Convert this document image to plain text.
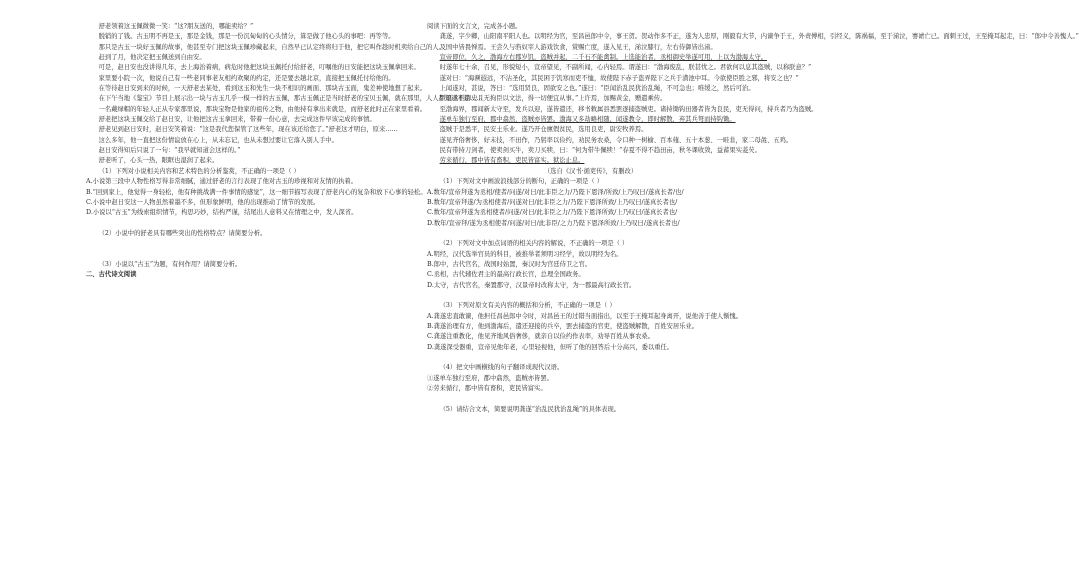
舒老领着这玉佩微微一笑：“这?朋友送的，哪能卖给？”

脱销的了钱。古玉明不再是玉，那是金钱，那是一份沉甸甸的心头情分，算是做了他心头的事吧：再等等。

那只是古玉一块好玉佩的故事，他甚至专门把这块玉佩珍藏起来，自然早已认定终将归于他，把它叫作趁时机卖给自己的人。

赶到了月，他决定把玉佩送到自由安。

可是，赵日安也没讲得几年，去上海治着病，病危时他把这块玉佩托付给舒老，叮嘱他的日安能把这块玉佩拿回来。

家里要小院一次，他说自己有一些老同事老友相约欢聚的约定，还是要去趟北京，直接把玉佩托付给他的。

在等待赵日安到来的时候，一天舒老去某处，看到这玉和先生一块不相识的画面、那块古玉面，鬼差神使地想了起来。

在下午当地《鉴宝》节目上展示出一块与古玉几乎一模一样的古玉佩，那古玉佩正是当时舒老的宝贝玉佩，就在那里，人人都知道不是……

一名戴绿帽的年轻人正从专家那里说，那块宝物是他家的祖传之物，由他持有拿出来就是，而舒老此时正在家里看着。

舒老把这块玉佩交给了赵日安，让他把这古玉拿回来，带着一份心意，去完成这件早该完成的事情。

舒老见到赵日安时，赵日安笑着说：“这是我代您保管了这些年，现在该还给您了。”舒老这才明白，原来……

这么多年，他一直把这份情谊放在心上，从未忘记，也从未想过要让它落入别人手中。

赵日安得知后只说了一句：“我早就知道会这样的。”

舒老听了，心头一热，眼眶也湿润了起来。

（1）下列对小说相关内容和艺术特色的分析鉴赏，不正确的一项是（ ）

A.小说第三段中人物性格写得非常细腻，通过舒老的言行表现了他对古玉的珍视和对友情的执着。

B.“回到家上，他觉得一身轻松，他有种挑战满一件事情的感觉”，这一细节描写表现了舒老内心的复杂和放下心事的轻松。

C.小说中赵日安这一人物虽然着墨不多，但形象鲜明，他的出现推动了情节的发展。

D.小说以“古玉”为线索组织情节，构思巧妙，结构严谨，结尾出人意料又在情理之中，发人深省。

（2）小说中的舒老具有哪些突出的性格特点？请简要分析。

（3）小说以“古玉”为题，有何作用？请简要分析。

二、古代诗文阅读

阅读下面的文言文，完成各小题。

龚遂，字少卿，山阳南平阳人也。以明经为官，至昌邑郎中令，事王贺。贺动作多不正，遂为人忠厚，刚毅有大节，内谏争于王，外责傅相，引经义，陈祸福，至于涕泣，謇谑亡已。面刺王过，王至掩耳起走，曰：“郎中令善愧人。”

及国中皆畏惮焉。王尝久与驺奴宰人游戏饮食，赏赐亡度，遂入见王，涕泣膝行，左右侍御皆出涕。

宣帝即位，久之，渤海左右郡岁饥，盗贼并起，二千石不能禽制。上选能治者，丞相御史举遂可用，上以为渤海太守。

时遂年七十余，召见，形貌短小，宣帝望见，不副所闻，心内轻焉。谓遂曰：“渤海废乱，朕甚忧之。君欲何以息其盗贼，以称朕意？”

遂对曰：“海濒遐远，不沾圣化，其民困于饥寒而吏不恤，故使陛下赤子盗弄陛下之兵于潢池中耳。今欲使臣胜之邪，将安之也？”

上闻遂对，甚说，答曰：“选用贤良，固欲安之也。”遂曰：“臣闻治乱民犹治乱绳，不可急也；唯缓之，然后可治。

臣愿丞相御史且无拘臣以文法，得一切便宜从事。”上许焉，加赐黄金，赠遣乘传。

至渤海界，郡闻新太守至，发兵以迎，遂皆遣还，移书敕属县悉罢逐捕盗贼吏。诸持锄钩田器者皆为良民，吏无得问，持兵者乃为盗贼。

遂单车独行至府，郡中翕然，盗贼亦皆罢。渤海又多劫略相随，闻遂教令，即时解散，弃其兵弩而持钩锄。

盗贼于是悉平，民安土乐业。遂乃开仓廪假贫民，选用良吏，尉安牧养焉。

遂见齐俗奢侈，好末技，不田作，乃躬率以俭约，劝民务农桑，令口种一树榆、百本薤、五十本葱、一畦韭，家二母彘、五鸡。

民有带持刀剑者，使卖剑买牛，卖刀买犊，曰：“何为带牛佩犊！”春夏不得不趋田亩，秋冬课收敛，益蓄果实菱芡。

劳来循行，郡中皆有畜积，吏民皆富实。狱讼止息。

（选自《汉书·循吏传》，有删改）

（1）下列对文中画波浪线部分的断句，正确的一项是（ ）

A.数年/宣帝拜遂为丞相/使者/问遂/对曰/此非臣之力/乃陛下恩泽/所致/上乃叹曰/遂真长者/也/

B.数年/宣帝拜遂/为丞相使者/问遂对曰/此非臣之力/乃陛下恩泽所致/上乃叹曰/遂真长者也/

C.数年/宣帝拜遂为丞相使者/问遂/对曰/此非臣之力/乃陛下恩泽所致/上乃叹曰/遂真长者也/

D.数年/宣帝拜/遂为丞相使者/问遂/对曰/此非臣/之力乃陛下恩泽所致/上乃叹曰/遂真长者也/

（2）下列对文中加点词语的相关内容的解说，不正确的一项是（ ）

A.明经，汉代选举官员的科目，被推举者须明习经学，故以明经为名。

B.郎中，古代官名，战国时始置，秦汉时为宫廷侍卫之官。

C.丞相，古代辅佐君主的最高行政长官，总理全国政务。

D.太守，古代官名，秦置郡守，汉景帝时改称太守，为一郡最高行政长官。

（3）下列对原文有关内容的概括和分析，不正确的一项是（ ）

A.龚遂忠直敢谏，他担任昌邑郎中令时，对昌邑王的过错当面指出，以至于王掩耳起身离开，说他善于使人惭愧。

B.龚遂治理有方，他到渤海后，遣还迎接的兵卒，罢去捕盗的官吏，使盗贼解散，百姓安居乐业。

C.龚遂注重教化，他见齐地风俗奢侈，就亲自以俭约作表率，劝导百姓从事农桑。

D.龚遂深受器重，宣帝见他年老，心里轻视他，但听了他的回答后十分高兴，委以重任。

（4）把文中画横线的句子翻译成现代汉语。

①遂单车独行至府，郡中翕然，盗贼亦皆罢。

②劳来循行，郡中皆有畜积，吏民皆富实。

（5）请结合文本，简要说明龚遂“治乱民犹治乱绳”的具体表现。
